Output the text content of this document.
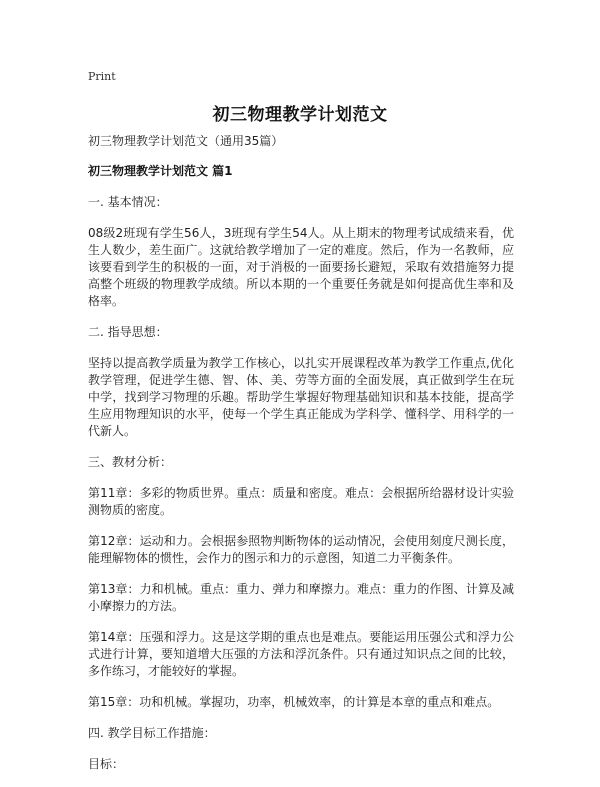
Print
初三物理教学计划范文

初三物理教学计划范文（通用35篇）

初三物理教学计划范文 篇1

一. 基本情况：

08级2班现有学生56人，3班现有学生54人。从上期末的物理考试成绩来看，优生人数少，差生面广。这就给教学增加了一定的难度。然后，作为一名教师，应该要看到学生的积极的一面，对于消极的一面要扬长避短，采取有效措施努力提高整个班级的物理教学成绩。所以本期的一个重要任务就是如何提高优生率和及格率。

二. 指导思想：

坚持以提高教学质量为教学工作核心，以扎实开展课程改革为教学工作重点,优化教学管理，促进学生德、智、体、美、劳等方面的全面发展，真正做到学生在玩中学，找到学习物理的乐趣。帮助学生掌握好物理基础知识和基本技能，提高学生应用物理知识的水平，使每一个学生真正能成为学科学、懂科学、用科学的一代新人。

三、教材分析：

第11章：多彩的物质世界。重点：质量和密度。难点：会根据所给器材设计实验测物质的密度。

第12章：运动和力。会根据参照物判断物体的运动情况，会使用刻度尺测长度，能理解物体的惯性，会作力的图示和力的示意图，知道二力平衡条件。

第13章：力和机械。重点：重力、弹力和摩擦力。难点：重力的作图、计算及减小摩擦力的方法。

第14章：压强和浮力。这是这学期的重点也是难点。要能运用压强公式和浮力公式进行计算，要知道增大压强的方法和浮沉条件。只有通过知识点之间的比较，多作练习，才能较好的掌握。

第15章：功和机械。掌握功，功率，机械效率，的计算是本章的重点和难点。

四. 教学目标工作措施：

目标：
